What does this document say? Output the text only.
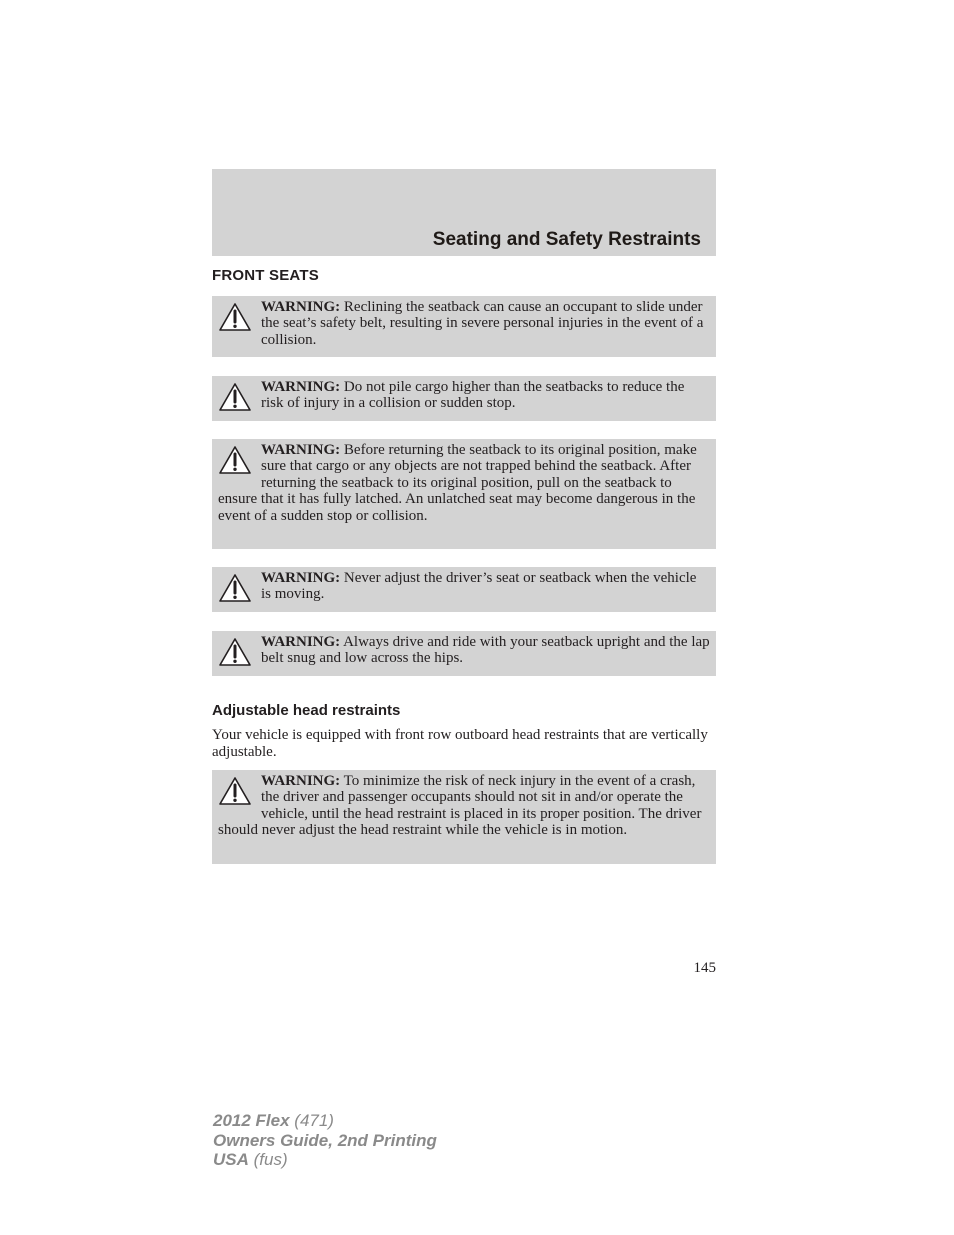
Seating and Safety Restraints
FRONT SEATS
WARNING: Reclining the seatback can cause an occupant to slide under the seat’s safety belt, resulting in severe personal injuries in the event of a collision.
WARNING: Do not pile cargo higher than the seatbacks to reduce the risk of injury in a collision or sudden stop.
WARNING: Before returning the seatback to its original position, make sure that cargo or any objects are not trapped behind the seatback. After returning the seatback to its original position, pull on the seatback to ensure that it has fully latched. An unlatched seat may become dangerous in the event of a sudden stop or collision.
WARNING: Never adjust the driver’s seat or seatback when the vehicle is moving.
WARNING: Always drive and ride with your seatback upright and the lap belt snug and low across the hips.
Adjustable head restraints

Your vehicle is equipped with front row outboard head restraints that are vertically adjustable.

WARNING: To minimize the risk of neck injury in the event of a crash, the driver and passenger occupants should not sit in and/or operate the vehicle, until the head restraint is placed in its proper position. The driver should never adjust the head restraint while the vehicle is in motion.

145

2012 Flex (471)
Owners Guide, 2nd Printing
USA (fus)
